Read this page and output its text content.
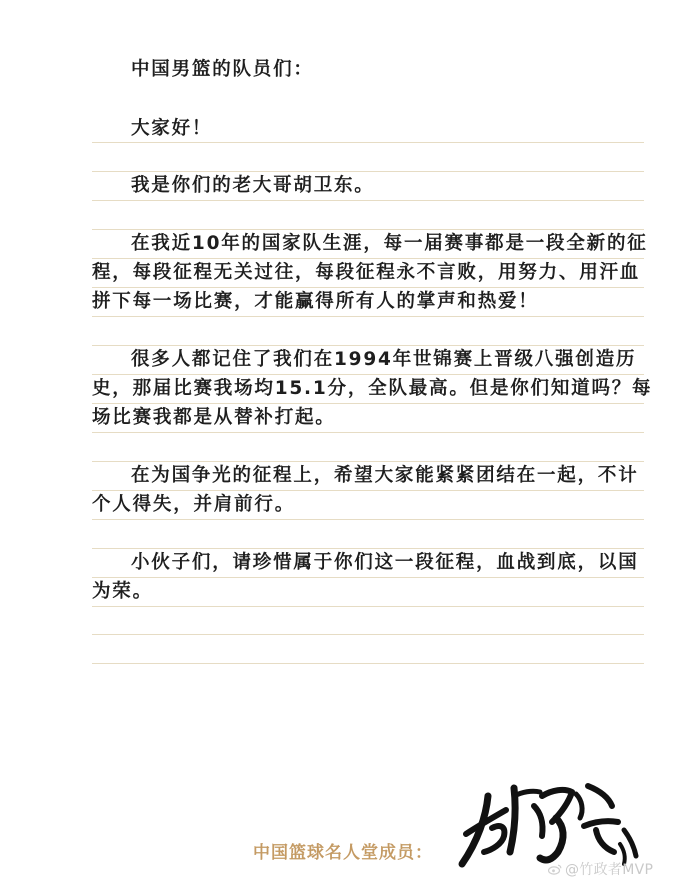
中国男篮的队员们：
大家好！
我是你们的老大哥胡卫东。
在我近10年的国家队生涯，每一届赛事都是一段全新的征
程，每段征程无关过往，每段征程永不言败，用努力、用汗血
拼下每一场比赛，才能赢得所有人的掌声和热爱！
很多人都记住了我们在1994年世锦赛上晋级八强创造历
史，那届比赛我场均15.1分，全队最高。但是你们知道吗？每
场比赛我都是从替补打起。
在为国争光的征程上，希望大家能紧紧团结在一起，不计
个人得失，并肩前行。
小伙子们，请珍惜属于你们这一段征程，血战到底，以国
为荣。
中国篮球名人堂成员：
@竹政者MVP
